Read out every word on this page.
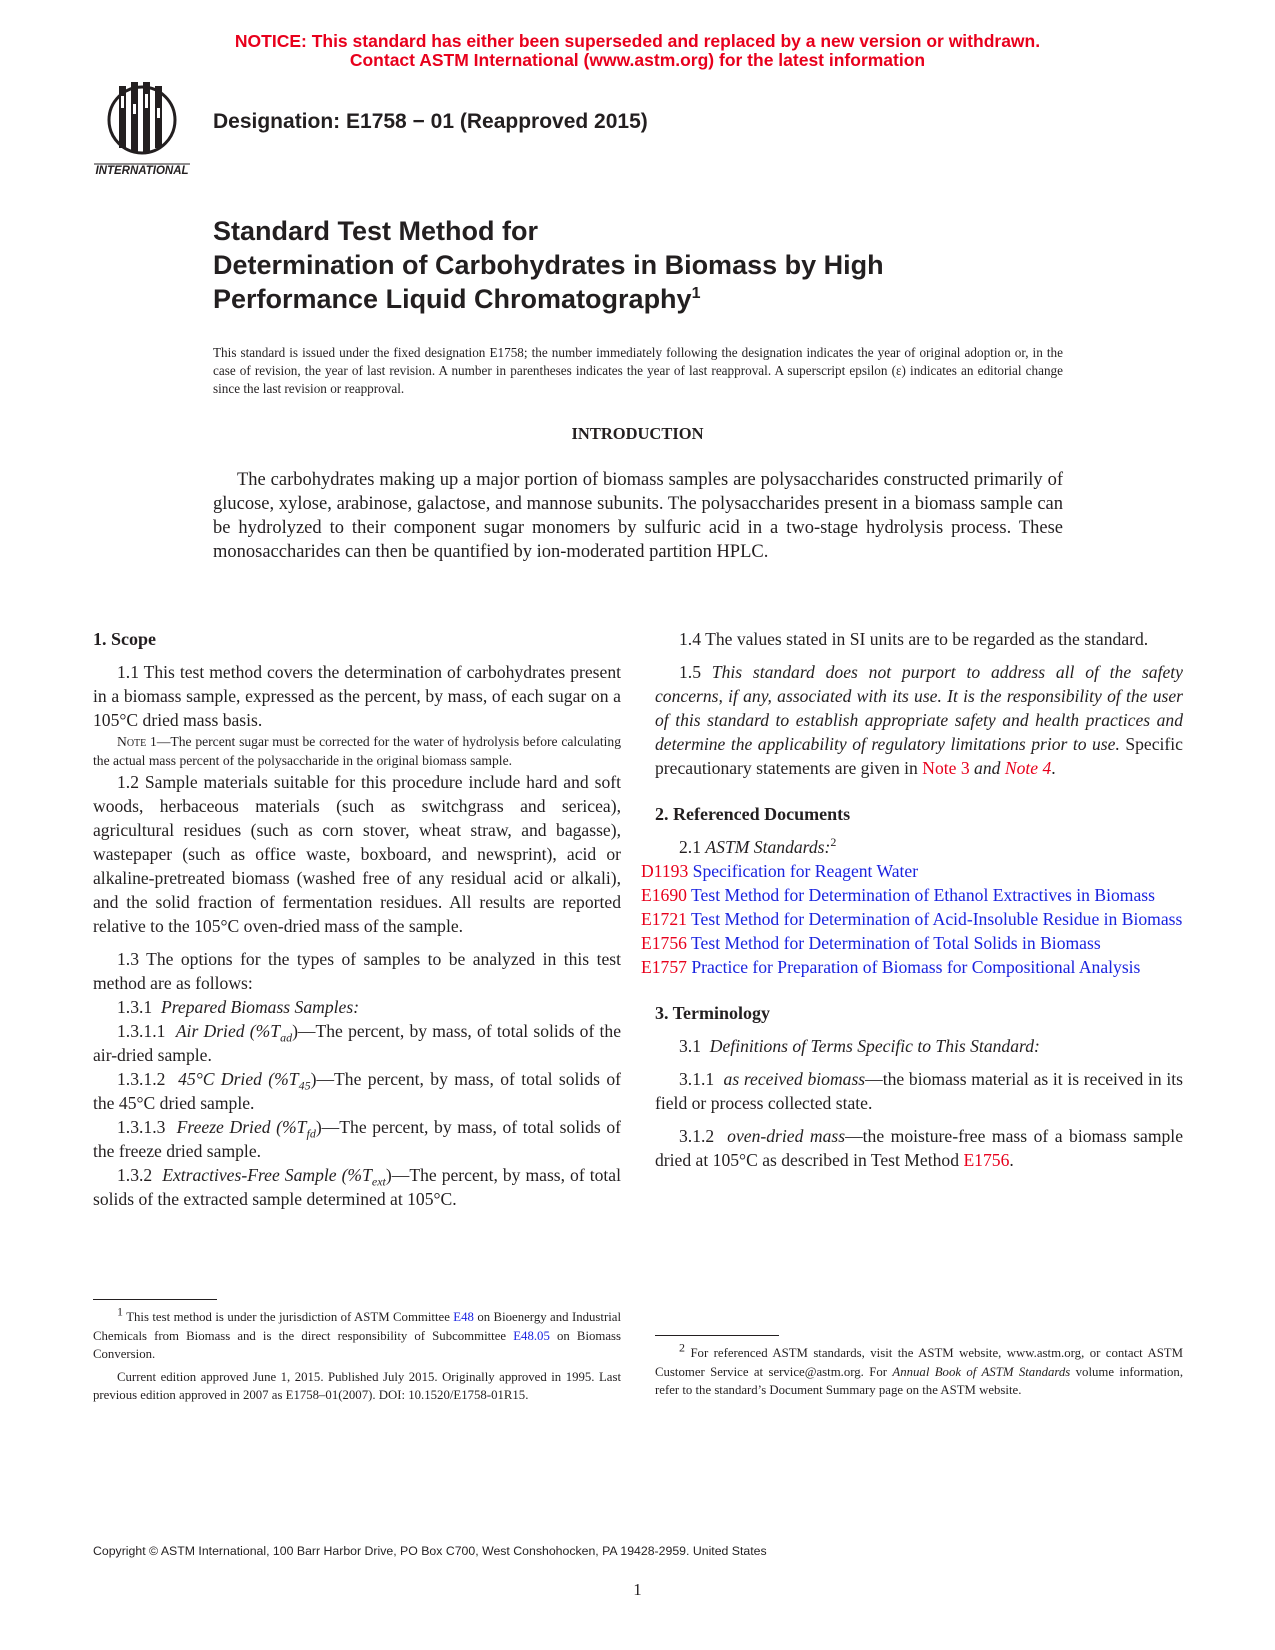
NOTICE: This standard has either been superseded and replaced by a new version or withdrawn.
Contact ASTM International (www.astm.org) for the latest information
INTERNATIONAL
Designation: E1758 − 01 (Reapproved 2015)
Standard Test Method for
Determination of Carbohydrates in Biomass by High
Performance Liquid Chromatography$^1$
This standard is issued under the fixed designation E1758; the number immediately following the designation indicates the year of original adoption or, in the case of revision, the year of last revision. A number in parentheses indicates the year of last reapproval. A superscript epsilon (ε) indicates an editorial change since the last revision or reapproval.
INTRODUCTION
The carbohydrates making up a major portion of biomass samples are polysaccharides constructed primarily of glucose, xylose, arabinose, galactose, and mannose subunits. The polysaccharides present in a biomass sample can be hydrolyzed to their component sugar monomers by sulfuric acid in a two-stage hydrolysis process. These monosaccharides can then be quantified by ion-moderated partition HPLC.

1. Scope

1.1 This test method covers the determination of carbohydrates present in a biomass sample, expressed as the percent, by mass, of each sugar on a 105°C dried mass basis.

Note 1—The percent sugar must be corrected for the water of hydrolysis before calculating the actual mass percent of the polysaccharide in the original biomass sample.

1.2 Sample materials suitable for this procedure include hard and soft woods, herbaceous materials (such as switchgrass and sericea), agricultural residues (such as corn stover, wheat straw, and bagasse), wastepaper (such as office waste, boxboard, and newsprint), acid or alkaline-pretreated biomass (washed free of any residual acid or alkali), and the solid fraction of fermentation residues. All results are reported relative to the 105°C oven-dried mass of the sample.

1.3 The options for the types of samples to be analyzed in this test method are as follows:

1.3.1 Prepared Biomass Samples:

1.3.1.1 Air Dried $(\%T_{ad})—The$ percent, by mass, of total solids of the air-dried sample.

1.3.1.2 45°C Dried $(\%T_{45})—The$ percent, by mass, of total solids of the 45°C dried sample.

1.3.1.3 Freeze Dried $(\%T_{fd})—The$ percent, by mass, of total solids of the freeze dried sample.

1.3.2 Extractives-Free Sample $(\%T_{ext})—The$ percent, by mass, of total solids of the extracted sample determined at 105°C.

1.4 The values stated in SI units are to be regarded as the standard.

1.5 This standard does not purport to address all of the safety concerns, if any, associated with its use. It is the responsibility of the user of this standard to establish appropriate safety and health practices and determine the applicability of regulatory limitations prior to use. Specific precautionary statements are given in Note 3 and Note 4.

2. Referenced Documents

2.1 ASTM Standards:$^2$

D1193 Specification for Reagent Water

E1690 Test Method for Determination of Ethanol Extractives in Biomass

E1721 Test Method for Determination of Acid-Insoluble Residue in Biomass

E1756 Test Method for Determination of Total Solids in Biomass

E1757 Practice for Preparation of Biomass for Compositional Analysis

3. Terminology

3.1 Definitions of Terms Specific to This Standard:

3.1.1 as received biomass—the biomass material as it is received in its field or process collected state.

3.1.2 oven-dried mass—the moisture-free mass of a biomass sample dried at 105°C as described in Test Method E1756.

$^1$ This test method is under the jurisdiction of ASTM Committee E48 on Bioenergy and Industrial Chemicals from Biomass and is the direct responsibility of Subcommittee E48.05 on Biomass Conversion.

Current edition approved June 1, 2015. Published July 2015. Originally approved in 1995. Last previous edition approved in 2007 as E1758–01(2007). DOI: 10.1520/E1758-01R15.

$^2$ For referenced ASTM standards, visit the ASTM website, www.astm.org, or contact ASTM Customer Service at service@astm.org. For Annual Book of ASTM Standards volume information, refer to the standard’s Document Summary page on the ASTM website.

Copyright © ASTM International, 100 Barr Harbor Drive, PO Box C700, West Conshohocken, PA 19428-2959. United States
1
